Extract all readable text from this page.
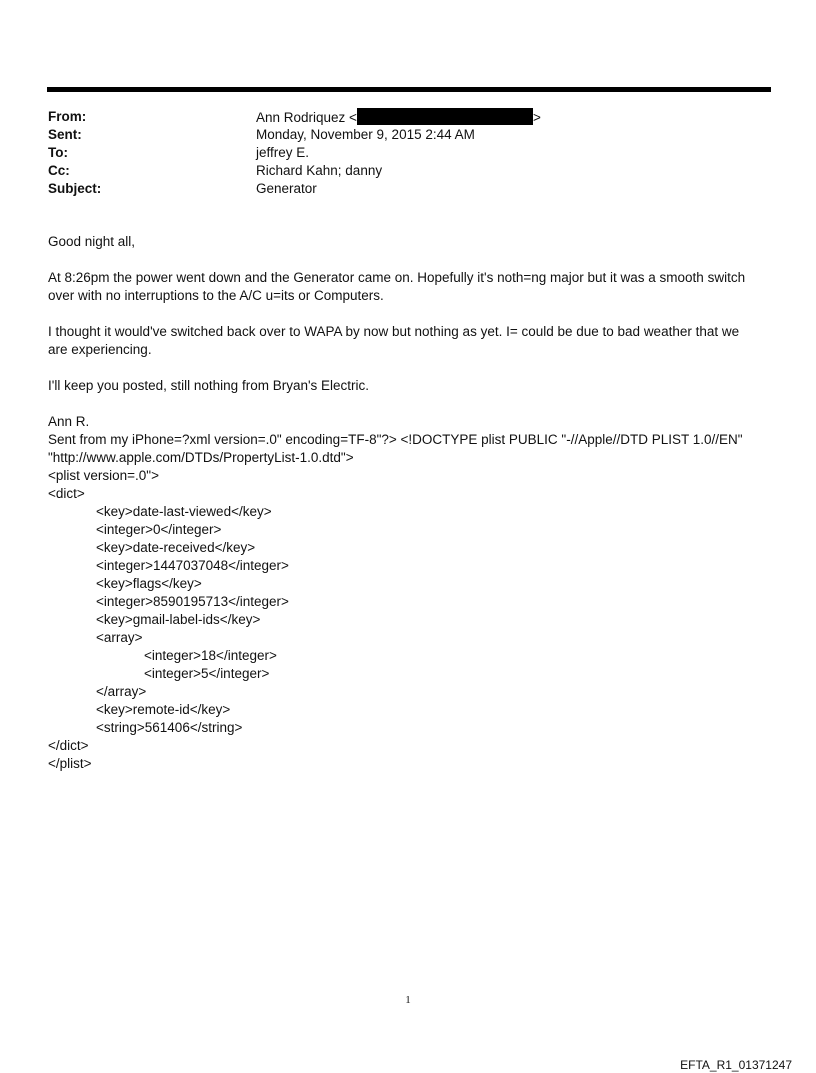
From:	Ann Rodriquez <	>
Sent:	Monday, November 9, 2015 2:44 AM
To:	jeffrey E.
Cc:	Richard Kahn; danny
Subject:	Generator

Good night all,

At 8:26pm the power went down and the Generator came on. Hopefully it's noth=ng major but it was a smooth switch over with no interruptions to the A/C u=its or Computers.

I thought it would've switched back over to WAPA by now but nothing as yet. I= could be due to bad weather that we are experiencing.

I'll keep you posted, still nothing from Bryan's Electric.

Ann R.
Sent from my iPhone=?xml version=.0" encoding=TF-8"?> <!DOCTYPE plist PUBLIC "-//Apple//DTD PLIST 1.0//EN"
"http://www.apple.com/DTDs/PropertyList-1.0.dtd">
<plist version=.0">
<dict>
<key>date-last-viewed</key>
<integer>0</integer>
<key>date-received</key>
<integer>1447037048</integer>
<key>flags</key>
<integer>8590195713</integer>
<key>gmail-label-ids</key>
<array>
<integer>18</integer>
<integer>5</integer>
</array>
<key>remote-id</key>
<string>561406</string>
</dict>
</plist>
1
EFTA_R1_01371247
